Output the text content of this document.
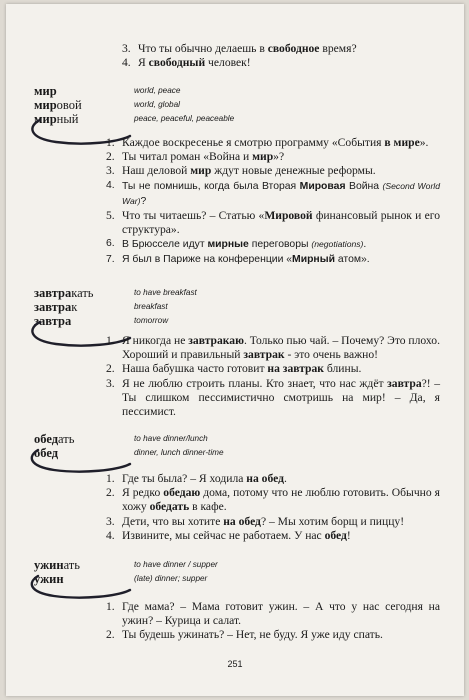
3. Что ты обычно делаешь в свободное время?
4. Я свободный человек!
мир	world, peace
мировой	world, global
мирный	peace, peaceful, peaceable
1. Каждое воскресенье я смотрю программу «События в мире».
2. Ты читал роман «Война и мир»?
3. Наш деловой мир ждут новые денежные реформы.
4. Ты не помнишь, когда была Вторая Мировая Война (Second World War)?
5. Что ты читаешь? – Статью «Мировой финансовый рынок и его структура».
6. В Брюсселе идут мирные переговоры (negotiations).
7. Я был в Париже на конференции «Мирный атом».
завтракать	to have breakfast
завтрак	breakfast
завтра	tomorrow
1. Я никогда не завтракаю. Только пью чай. – Почему? Это плохо. Хороший и правильный завтрак - это очень важно!
2. Наша бабушка часто готовит на завтрак блины.
3. Я не люблю строить планы. Кто знает, что нас ждёт завтра?! – Ты слишком пессимистично смотришь на мир! – Да, я пессимист.
обедать	to have dinner/lunch
обед	dinner, lunch dinner-time
1. Где ты была? – Я ходила на обед.
2. Я редко обедаю дома, потому что не люблю готовить. Обычно я хожу обедать в кафе.
3. Дети, что вы хотите на обед? – Мы хотим борщ и пиццу!
4. Извините, мы сейчас не работаем. У нас обед!
ужинать	to have dinner / supper
ужин	(late) dinner; supper
1. Где мама? – Мама готовит ужин. – А что у нас сегодня на ужин? – Курица и салат.
2. Ты будешь ужинать? – Нет, не буду. Я уже иду спать.
251
